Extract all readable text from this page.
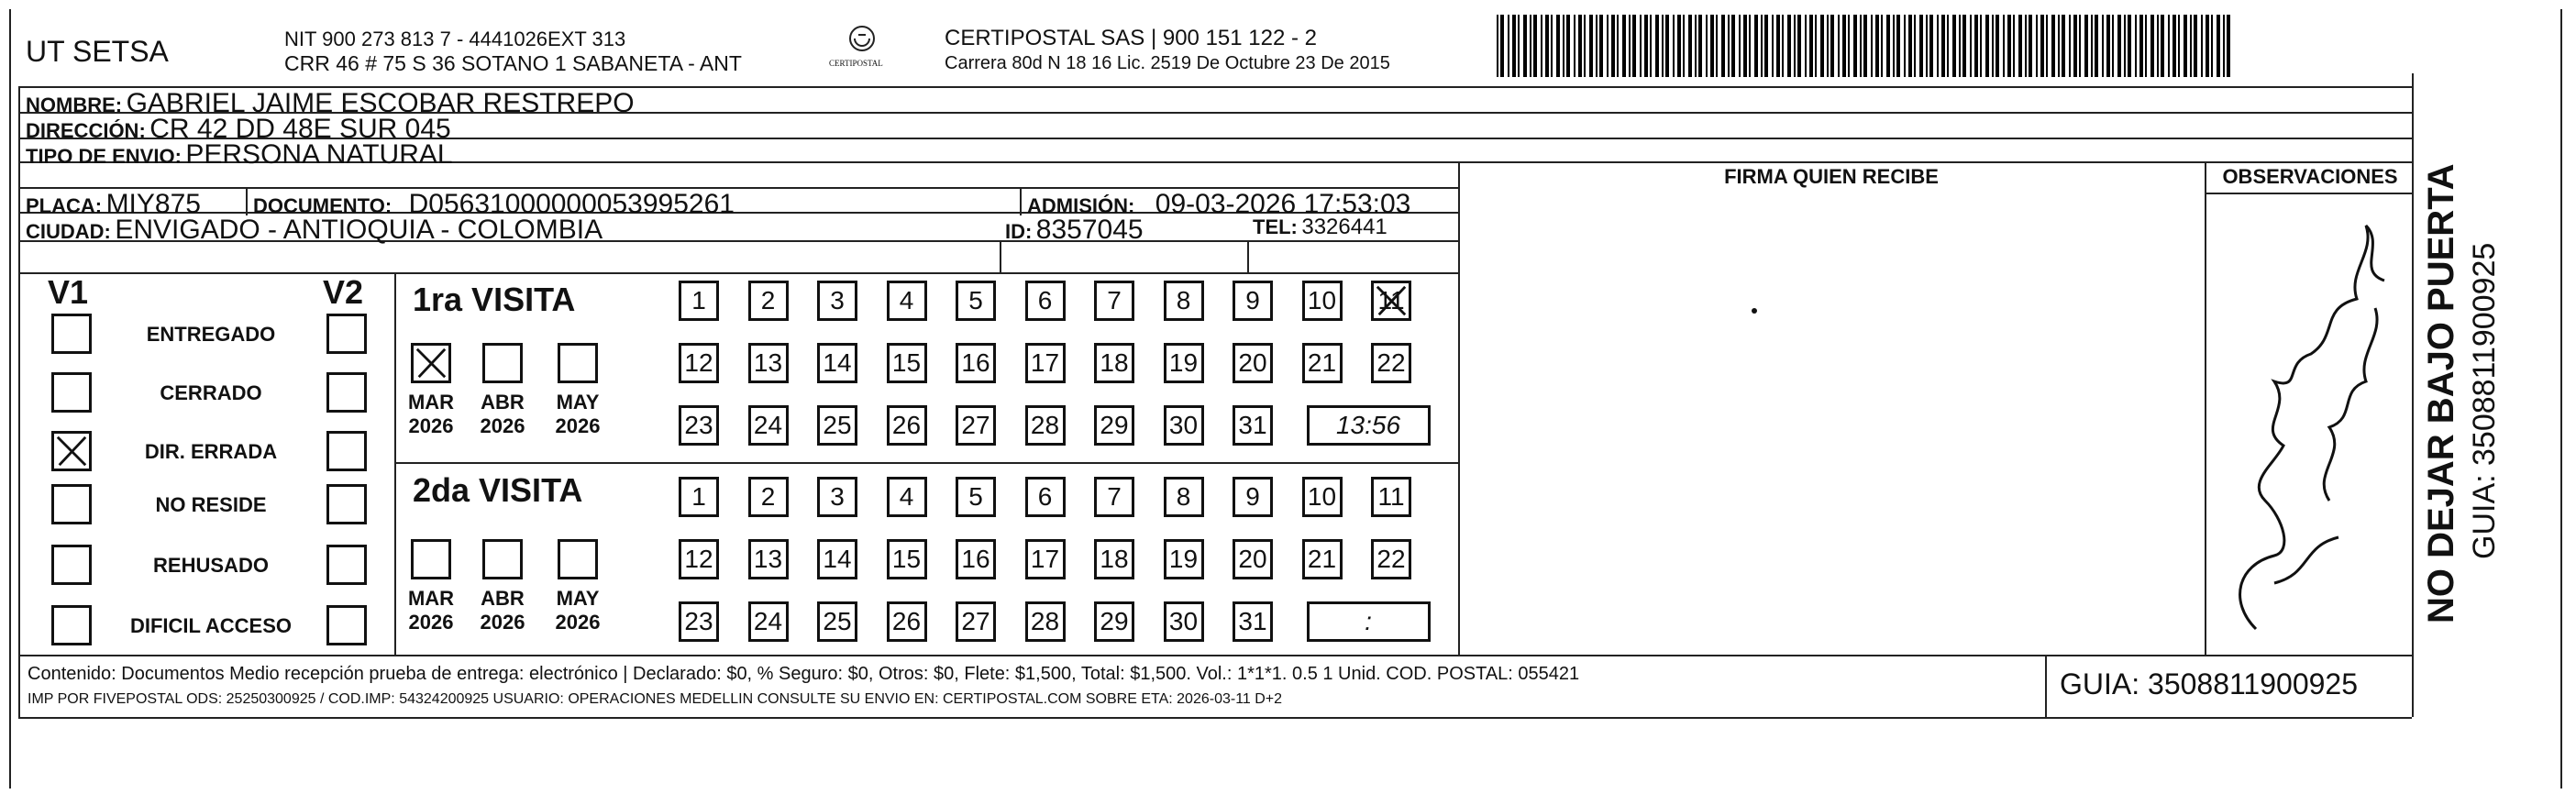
UT SETSA	NIT 900 273 813 7 - 4441026EXT 313
CRR 46 # 75 S 36 SOTANO 1 SABANETA - ANT	CERTIPOSTAL
CERTIPOSTAL SAS | 900 151 122 - 2
Carrera 80d N 18 16 Lic. 2519 De Octubre 23 De 2015
NOMBRE: GABRIEL JAIME ESCOBAR RESTREPO
DIRECCIÓN: CR 42 DD 48E SUR 045
TIPO DE ENVIO: PERSONA NATURAL
FIRMA QUIEN RECIBE	OBSERVACIONES
PLACA: MIY875	DOCUMENTO: D05631000000053995261	ADMISIÓN: 09-03-2026 17:53:03
CIUDAD: ENVIGADO - ANTIOQUIA - COLOMBIA	ID: 8357045	TEL: 3326441
V1	V2
ENTREGADO
CERRADO
DIR. ERRADA
NO RESIDE
REHUSADO
DIFICIL ACCESO
1ra VISITA
MAR
2026
ABR
2026
MAY
2026
1	2	3	4	5	6	7	8	9	10 11
12 13 14 15 16 17 18 19 20 21 22
23 24 25 26 27 28 29 30 31	13:56
2da VISITA
MAR
2026
ABR
2026
MAY
2026
1	2	3	4	5	6	7	8	9	10 11
12 13 14 15 16 17 18 19 20 21 22
23 24 25 26 27 28 29 30 31	:
Contenido: Documentos Medio recepción prueba de entrega: electrónico | Declarado: $0, % Seguro: $0, Otros: $0, Flete: $1,500, Total: $1,500. Vol.: 1*1*1. 0.5 1 Unid. COD. POSTAL: 055421
IMP POR FIVEPOSTAL ODS: 25250300925 / COD.IMP: 54324200925 USUARIO: OPERACIONES MEDELLIN CONSULTE SU ENVIO EN: CERTIPOSTAL.COM SOBRE ETA: 2026-03-11 D+2	GUIA: 3508811900925
NO DEJAR BAJO PUERTA GUIA: 3508811900925
